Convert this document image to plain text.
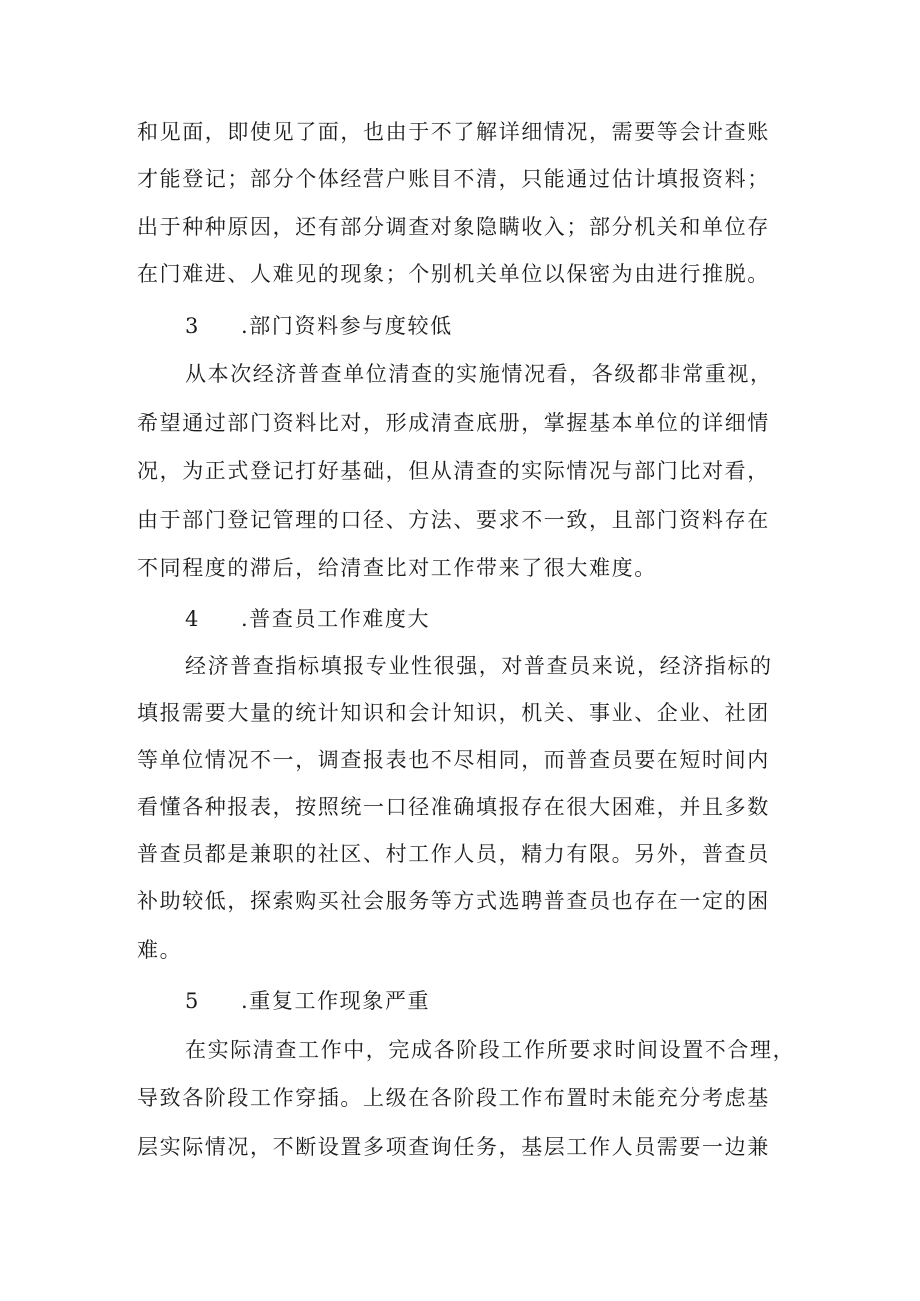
和见面，即使见了面，也由于不了解详细情况，需要等会计查账
才能登记；部分个体经营户账目不清，只能通过估计填报资料；
出于种种原因，还有部分调查对象隐瞒收入；部分机关和单位存
在门难进、人难见的现象；个别机关单位以保密为由进行推脱。
3 .部门资料参与度较低
从本次经济普查单位清查的实施情况看，各级都非常重视，
希望通过部门资料比对，形成清查底册，掌握基本单位的详细情
况，为正式登记打好基础，但从清查的实际情况与部门比对看，
由于部门登记管理的口径、方法、要求不一致，且部门资料存在
不同程度的滞后，给清查比对工作带来了很大难度。
4 .普查员工作难度大
经济普查指标填报专业性很强，对普查员来说，经济指标的
填报需要大量的统计知识和会计知识，机关、事业、企业、社团
等单位情况不一，调查报表也不尽相同，而普查员要在短时间内
看懂各种报表，按照统一口径准确填报存在很大困难，并且多数
普查员都是兼职的社区、村工作人员，精力有限。另外，普查员
补助较低，探索购买社会服务等方式选聘普查员也存在一定的困
难。
5 .重复工作现象严重
在实际清查工作中，完成各阶段工作所要求时间设置不合理，
导致各阶段工作穿插。上级在各阶段工作布置时未能充分考虑基
层实际情况，不断设置多项查询任务，基层工作人员需要一边兼
